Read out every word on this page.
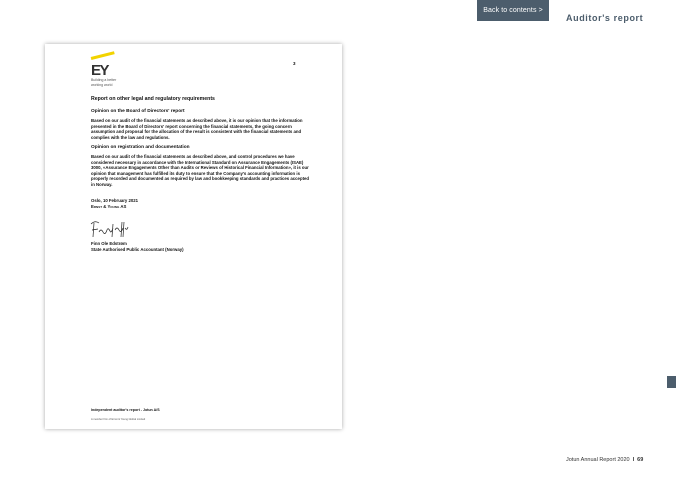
Back to contents >
Auditor's report
EY
Building a better working world
3
Report on other legal and regulatory requirements
Opinion on the Board of Directors' report
Based on our audit of the financial statements as described above, it is our opinion that the information presented in the Board of Directors' report concerning the financial statements, the going concern assumption and proposal for the allocation of the result is consistent with the financial statements and complies with the law and regulations.
Opinion on registration and documentation
Based on our audit of the financial statements as described above, and control procedures we have considered necessary in accordance with the International Standard on Assurance Engagements (ISAE) 3000, «Assurance Engagements Other than Audits or Reviews of Historical Financial Information», it is our opinion that management has fulfilled its duty to ensure that the Company's accounting information is properly recorded and documented as required by law and bookkeeping standards and practices accepted in Norway.
Oslo, 10 February 2021
Ernst & Young AS
Finn Ole Edstrøm
State Authorised Public Accountant (Norway)
Independent auditor's report - Jotun A/S
A member firm of Ernst & Young Global Limited
Jotun Annual Report 2020 I 69
